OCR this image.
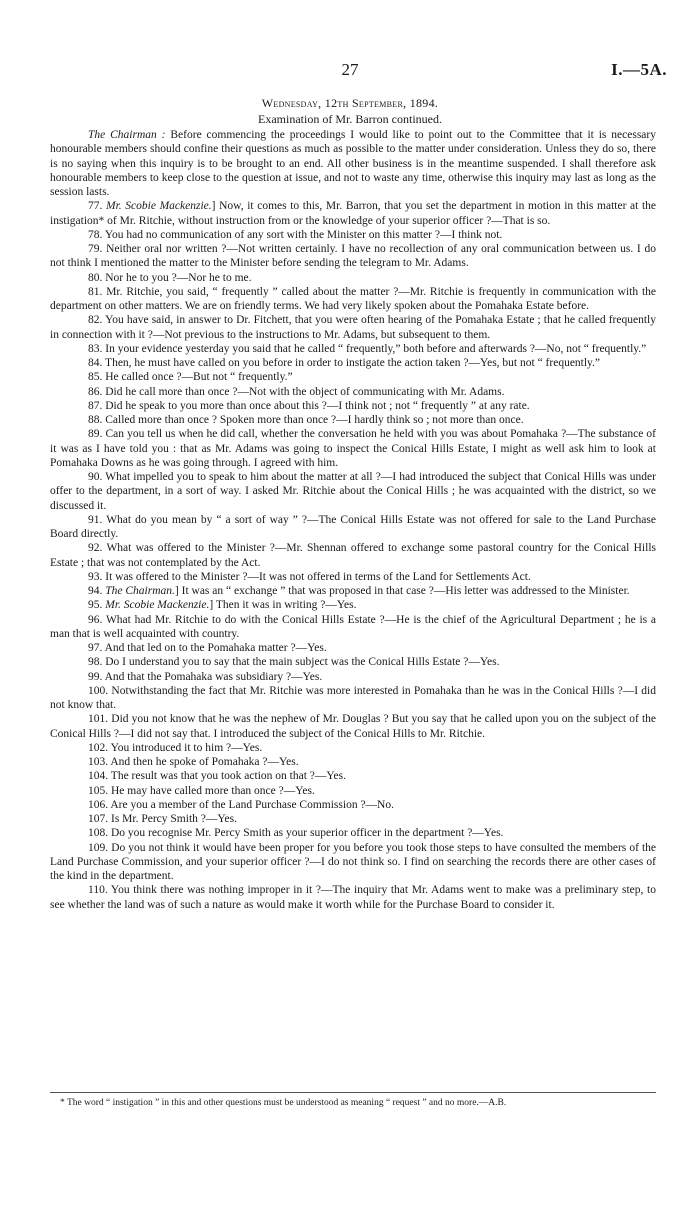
27	I.—5A.
Wednesday, 12th September, 1894.
Examination of Mr. Barron continued.

The Chairman : Before commencing the proceedings I would like to point out to the Committee that it is necessary honourable members should confine their questions as much as possible to the matter under consideration. Unless they do so, there is no saying when this inquiry is to be brought to an end. All other business is in the meantime suspended. I shall therefore ask honourable members to keep close to the question at issue, and not to waste any time, otherwise this inquiry may last as long as the session lasts.

77. Mr. Scobie Mackenzie.] Now, it comes to this, Mr. Barron, that you set the department in motion in this matter at the instigation* of Mr. Ritchie, without instruction from or the knowledge of your superior officer ?—That is so.

78. You had no communication of any sort with the Minister on this matter ?—I think not.

79. Neither oral nor written ?—Not written certainly. I have no recollection of any oral communication between us. I do not think I mentioned the matter to the Minister before sending the telegram to Mr. Adams.

80. Nor he to you ?—Nor he to me.

81. Mr. Ritchie, you said, “ frequently ” called about the matter ?—Mr. Ritchie is frequently in communication with the department on other matters. We are on friendly terms. We had very likely spoken about the Pomahaka Estate before.

82. You have said, in answer to Dr. Fitchett, that you were often hearing of the Pomahaka Estate ; that he called frequently in connection with it ?—Not previous to the instructions to Mr. Adams, but subsequent to them.

83. In your evidence yesterday you said that he called “ frequently,” both before and afterwards ?—No, not “ frequently.”

84. Then, he must have called on you before in order to instigate the action taken ?—Yes, but not “ frequently.”

85. He called once ?—But not “ frequently.”

86. Did he call more than once ?—Not with the object of communicating with Mr. Adams.

87. Did he speak to you more than once about this ?—I think not ; not “ frequently ” at any rate.

88. Called more than once ? Spoken more than once ?—I hardly think so ; not more than once.

89. Can you tell us when he did call, whether the conversation he held with you was about Pomahaka ?—The substance of it was as I have told you : that as Mr. Adams was going to inspect the Conical Hills Estate, I might as well ask him to look at Pomahaka Downs as he was going through. I agreed with him.

90. What impelled you to speak to him about the matter at all ?—I had introduced the subject that Conical Hills was under offer to the department, in a sort of way. I asked Mr. Ritchie about the Conical Hills ; he was acquainted with the district, so we discussed it.

91. What do you mean by “ a sort of way ” ?—The Conical Hills Estate was not offered for sale to the Land Purchase Board directly.

92. What was offered to the Minister ?—Mr. Shennan offered to exchange some pastoral country for the Conical Hills Estate ; that was not contemplated by the Act.

93. It was offered to the Minister ?—It was not offered in terms of the Land for Settlements Act.

94. The Chairman.] It was an “ exchange ” that was proposed in that case ?—His letter was addressed to the Minister.

95. Mr. Scobie Mackenzie.] Then it was in writing ?—Yes.

96. What had Mr. Ritchie to do with the Conical Hills Estate ?—He is the chief of the Agricultural Department ; he is a man that is well acquainted with country.

97. And that led on to the Pomahaka matter ?—Yes.

98. Do I understand you to say that the main subject was the Conical Hills Estate ?—Yes.

99. And that the Pomahaka was subsidiary ?—Yes.

100. Notwithstanding the fact that Mr. Ritchie was more interested in Pomahaka than he was in the Conical Hills ?—I did not know that.

101. Did you not know that he was the nephew of Mr. Douglas ? But you say that he called upon you on the subject of the Conical Hills ?—I did not say that. I introduced the subject of the Conical Hills to Mr. Ritchie.

102. You introduced it to him ?—Yes.

103. And then he spoke of Pomahaka ?—Yes.

104. The result was that you took action on that ?—Yes.

105. He may have called more than once ?—Yes.

106. Are you a member of the Land Purchase Commission ?—No.

107. Is Mr. Percy Smith ?—Yes.

108. Do you recognise Mr. Percy Smith as your superior officer in the department ?—Yes.

109. Do you not think it would have been proper for you before you took those steps to have consulted the members of the Land Purchase Commission, and your superior officer ?—I do not think so. I find on searching the records there are other cases of the kind in the department.

110. You think there was nothing improper in it ?—The inquiry that Mr. Adams went to make was a preliminary step, to see whether the land was of such a nature as would make it worth while for the Purchase Board to consider it.

* The word “ instigation ” in this and other questions must be understood as meaning “ request ” and no more.—A.B.
